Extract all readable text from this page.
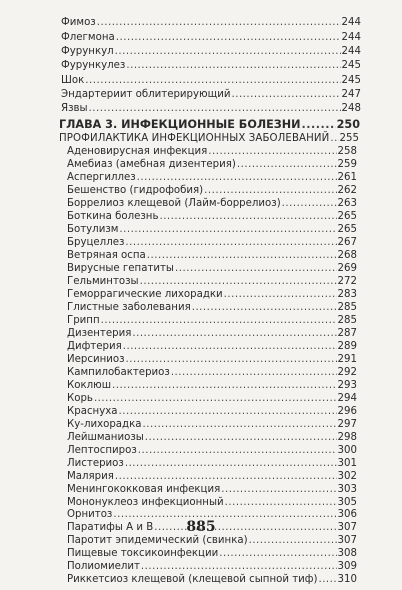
Фимоз .....	244
Флегмона .....	244
Фурункул .....	244
Фурункулез .....	245
Шок .....	245
Эндартериит облитерирующий .....	247
Язвы .....	248
ГЛАВА 3. ИНФЕКЦИОННЫЕ БОЛЕЗНИ .....	250
ПРОФИЛАКТИКА ИНФЕКЦИОННЫХ ЗАБОЛЕВАНИЙ ..... 255
Аденовирусная инфекция .....	258
Амебиаз (амебная дизентерия) .....	259
Аспергиллез .....	261
Бешенство (гидрофобия) .....	262
Боррелиоз клещевой (Лайм-боррелиоз) .....	263
Боткина болезнь .....	265
Ботулизм .....	265
Бруцеллез .....	267
Ветряная оспа .....	268
Вирусные гепатиты .....	269
Гельминтозы .....	272
Геморрагические лихорадки .....	283
Глистные заболевания .....	285
Грипп .....	285
Дизентерия .....	287
Дифтерия .....	289
Иерсиниоз .....	291
Кампилобактериоз .....	292
Коклюш .....	293
Корь .....	294
Краснуха .....	296
Ку-лихорадка .....	297
Лейшманиозы .....	298
Лептоспироз .....	300
Листериоз .....	301
Малярия .....	302
Менингококковая инфекция .....	303
Мононуклеоз инфекционный .....	305
Орнитоз .....	306
Паратифы А и В .....	307
Паротит эпидемический (свинка) .....	307
Пищевые токсикоинфекции .....	308
Полиомиелит .....	309
Риккетсиоз клещевой (клещевой сыпной тиф) ..... 310
885
